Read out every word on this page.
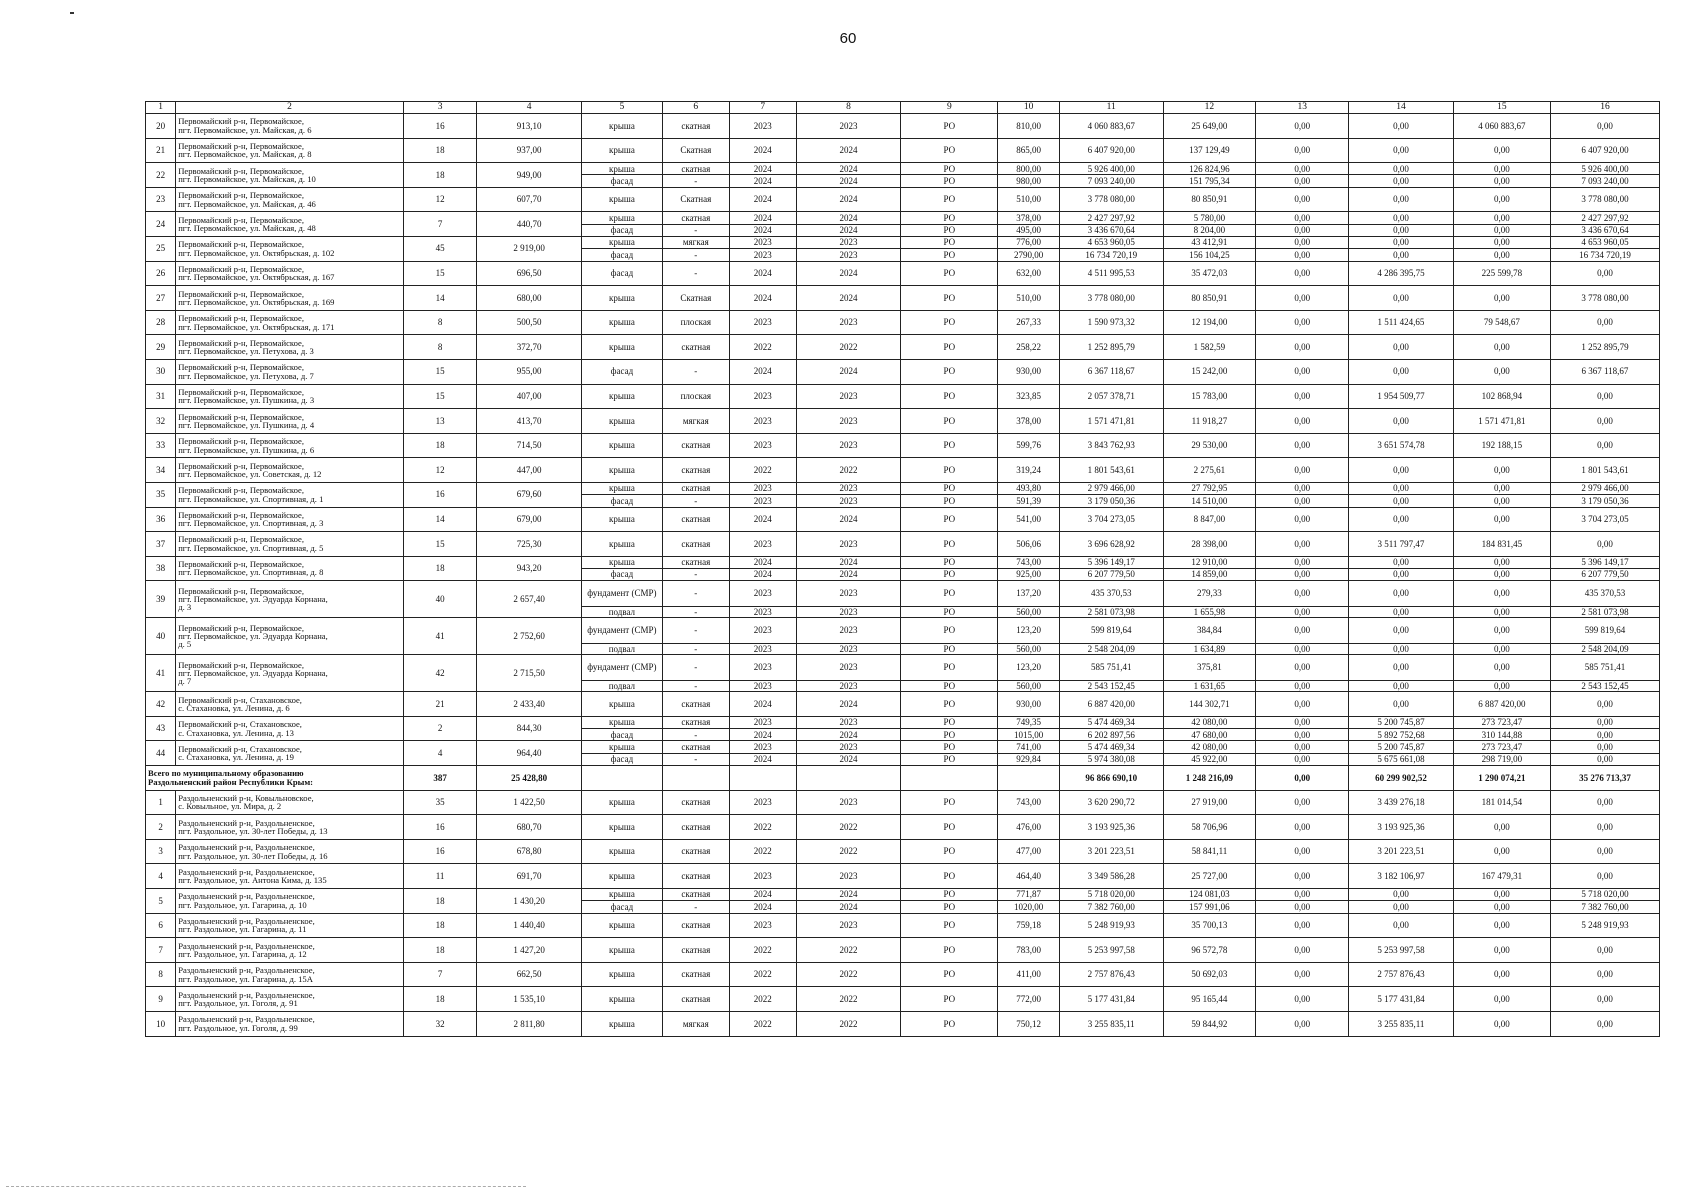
60
1	2	3	4	5	6	7	8	9	10	11	12	13	14	15	16
20	Первомайский р-н, Первомайское,
пгт. Первомайское, ул. Майская, д. 6	16	913,10	крыша	скатная	2023	2023	РО	810,00	4 060 883,67	25 649,00	0,00	0,00	4 060 883,67	0,00
21	Первомайский р-н, Первомайское,
пгт. Первомайское, ул. Майская, д. 8	18	937,00	крыша	Скатная	2024	2024	РО	865,00	6 407 920,00	137 129,49	0,00	0,00	0,00	6 407 920,00
22	Первомайский р-н, Первомайское,
пгт. Первомайское, ул. Майская, д. 10	18	949,00	крыша	скатная	2024	2024	РО	800,00	5 926 400,00	126 824,96	0,00	0,00	0,00	5 926 400,00
				фасад	-	2024	2024	РО	980,00	7 093 240,00	151 795,34	0,00	0,00	0,00	7 093 240,00
23	Первомайский р-н, Первомайское,
пгт. Первомайское, ул. Майская, д. 46	12	607,70	крыша	Скатная	2024	2024	РО	510,00	3 778 080,00	80 850,91	0,00	0,00	0,00	3 778 080,00
24	Первомайский р-н, Первомайское,
пгт. Первомайское, ул. Майская, д. 48	7	440,70	крыша	скатная	2024	2024	РО	378,00	2 427 297,92	5 780,00	0,00	0,00	0,00	2 427 297,92
				фасад	-	2024	2024	РО	495,00	3 436 670,64	8 204,00	0,00	0,00	0,00	3 436 670,64
25	Первомайский р-н, Первомайское,
пгт. Первомайское, ул. Октябрьская, д. 102	45	2 919,00	крыша	мягкая	2023	2023	РО	776,00	4 653 960,05	43 412,91	0,00	0,00	0,00	4 653 960,05
				фасад	-	2023	2023	РО	2790,00	16 734 720,19	156 104,25	0,00	0,00	0,00	16 734 720,19
26	Первомайский р-н, Первомайское,
пгт. Первомайское, ул. Октябрьская, д. 167	15	696,50	фасад	-	2024	2024	РО	632,00	4 511 995,53	35 472,03	0,00	4 286 395,75	225 599,78	0,00
27	Первомайский р-н, Первомайское,
пгт. Первомайское, ул. Октябрьская, д. 169	14	680,00	крыша	Скатная	2024	2024	РО	510,00	3 778 080,00	80 850,91	0,00	0,00	0,00	3 778 080,00
28	Первомайский р-н, Первомайское,
пгт. Первомайское, ул. Октябрьская, д. 171	8	500,50	крыша	плоская	2023	2023	РО	267,33	1 590 973,32	12 194,00	0,00	1 511 424,65	79 548,67	0,00
29	Первомайский р-н, Первомайское,
пгт. Первомайское, ул. Петухова, д. 3	8	372,70	крыша	скатная	2022	2022	РО	258,22	1 252 895,79	1 582,59	0,00	0,00	0,00	1 252 895,79
30	Первомайский р-н, Первомайское,
пгт. Первомайское, ул. Петухова, д. 7	15	955,00	фасад	-	2024	2024	РО	930,00	6 367 118,67	15 242,00	0,00	0,00	0,00	6 367 118,67
31	Первомайский р-н, Первомайское,
пгт. Первомайское, ул. Пушкина, д. 3	15	407,00	крыша	плоская	2023	2023	РО	323,85	2 057 378,71	15 783,00	0,00	1 954 509,77	102 868,94	0,00
32	Первомайский р-н, Первомайское,
пгт. Первомайское, ул. Пушкина, д. 4	13	413,70	крыша	мягкая	2023	2023	РО	378,00	1 571 471,81	11 918,27	0,00	0,00	1 571 471,81	0,00
33	Первомайский р-н, Первомайское,
пгт. Первомайское, ул. Пушкина, д. 6	18	714,50	крыша	скатная	2023	2023	РО	599,76	3 843 762,93	29 530,00	0,00	3 651 574,78	192 188,15	0,00
34	Первомайский р-н, Первомайское,
пгт. Первомайское, ул. Советская, д. 12	12	447,00	крыша	скатная	2022	2022	РО	319,24	1 801 543,61	2 275,61	0,00	0,00	0,00	1 801 543,61
35	Первомайский р-н, Первомайское,
пгт. Первомайское, ул. Спортивная, д. 1	16	679,60	крыша	скатная	2023	2023	РО	493,80	2 979 466,00	27 792,95	0,00	0,00	0,00	2 979 466,00
				фасад	-	2023	2023	РО	591,39	3 179 050,36	14 510,00	0,00	0,00	0,00	3 179 050,36
36	Первомайский р-н, Первомайское,
пгт. Первомайское, ул. Спортивная, д. 3	14	679,00	крыша	скатная	2024	2024	РО	541,00	3 704 273,05	8 847,00	0,00	0,00	0,00	3 704 273,05
37	Первомайский р-н, Первомайское,
пгт. Первомайское, ул. Спортивная, д. 5	15	725,30	крыша	скатная	2023	2023	РО	506,06	3 696 628,92	28 398,00	0,00	3 511 797,47	184 831,45	0,00
38	Первомайский р-н, Первомайское,
пгт. Первомайское, ул. Спортивная, д. 8	18	943,20	крыша	скатная	2024	2024	РО	743,00	5 396 149,17	12 910,00	0,00	0,00	0,00	5 396 149,17
				фасад	-	2024	2024	РО	925,00	6 207 779,50	14 859,00	0,00	0,00	0,00	6 207 779,50
39	Первомайский р-н, Первомайское,
пгт. Первомайское, ул. Эдуарда Корнана,
д. 3	40	2 657,40	фундамент (СМР)	-	2023	2023	РО	137,20	435 370,53	279,33	0,00	0,00	0,00	435 370,53
				подвал	-	2023	2023	РО	560,00	2 581 073,98	1 655,98	0,00	0,00	0,00	2 581 073,98
40	Первомайский р-н, Первомайское,
пгт. Первомайское, ул. Эдуарда Корнана,
д. 5	41	2 752,60	фундамент (СМР)	-	2023	2023	РО	123,20	599 819,64	384,84	0,00	0,00	0,00	599 819,64
				подвал	-	2023	2023	РО	560,00	2 548 204,09	1 634,89	0,00	0,00	0,00	2 548 204,09
41	Первомайский р-н, Первомайское,
пгт. Первомайское, ул. Эдуарда Корнана,
д. 7	42	2 715,50	фундамент (СМР)	-	2023	2023	РО	123,20	585 751,41	375,81	0,00	0,00	0,00	585 751,41
				подвал	-	2023	2023	РО	560,00	2 543 152,45	1 631,65	0,00	0,00	0,00	2 543 152,45
42	Первомайский р-н, Стахановское,
с. Стахановка, ул. Ленина, д. 6	21	2 433,40	крыша	скатная	2024	2024	РО	930,00	6 887 420,00	144 302,71	0,00	0,00	6 887 420,00	0,00
43	Первомайский р-н, Стахановское,
с. Стахановка, ул. Ленина, д. 13	2	844,30	крыша	скатная	2023	2023	РО	749,35	5 474 469,34	42 080,00	0,00	5 200 745,87	273 723,47	0,00
				фасад	-	2024	2024	РО	1015,00	6 202 897,56	47 680,00	0,00	5 892 752,68	310 144,88	0,00
44	Первомайский р-н, Стахановское,
с. Стахановка, ул. Ленина, д. 19	4	964,40	крыша	скатная	2023	2023	РО	741,00	5 474 469,34	42 080,00	0,00	5 200 745,87	273 723,47	0,00
				фасад	-	2024	2024	РО	929,84	5 974 380,08	45 922,00	0,00	5 675 661,08	298 719,00	0,00

Всего по муниципальному образованию
Раздольненский район Республики Крым:		387	25 428,80							96 866 690,10	1 248 216,09	0,00	60 299 902,52	1 290 074,21	35 276 713,37
1	Раздольненский р-н, Ковыльновское,
с. Ковыльное, ул. Мира, д. 2	35	1 422,50	крыша	скатная	2023	2023	РО	743,00	3 620 290,72	27 919,00	0,00	3 439 276,18	181 014,54	0,00
2	Раздольненский р-н, Раздольненское,
пгт. Раздольное, ул. 30-лет Победы, д. 13	16	680,70	крыша	скатная	2022	2022	РО	476,00	3 193 925,36	58 706,96	0,00	3 193 925,36	0,00	0,00
3	Раздольненский р-н, Раздольненское,
пгт. Раздольное, ул. 30-лет Победы, д. 16	16	678,80	крыша	скатная	2022	2022	РО	477,00	3 201 223,51	58 841,11	0,00	3 201 223,51	0,00	0,00
4	Раздольненский р-н, Раздольненское,
пгт. Раздольное, ул. Антона Кима, д. 135	11	691,70	крыша	скатная	2023	2023	РО	464,40	3 349 586,28	25 727,00	0,00	3 182 106,97	167 479,31	0,00
5	Раздольненский р-н, Раздольненское,
пгт. Раздольное, ул. Гагарина, д. 10	18	1 430,20	крыша	скатная	2024	2024	РО	771,87	5 718 020,00	124 081,03	0,00	0,00	0,00	5 718 020,00
				фасад	-	2024	2024	РО	1020,00	7 382 760,00	157 991,06	0,00	0,00	0,00	7 382 760,00
6	Раздольненский р-н, Раздольненское,
пгт. Раздольное, ул. Гагарина, д. 11	18	1 440,40	крыша	скатная	2023	2023	РО	759,18	5 248 919,93	35 700,13	0,00	0,00	0,00	5 248 919,93
7	Раздольненский р-н, Раздольненское,
пгт. Раздольное, ул. Гагарина, д. 12	18	1 427,20	крыша	скатная	2022	2022	РО	783,00	5 253 997,58	96 572,78	0,00	5 253 997,58	0,00	0,00
8	Раздольненский р-н, Раздольненское,
пгт. Раздольное, ул. Гагарина, д. 15А	7	662,50	крыша	скатная	2022	2022	РО	411,00	2 757 876,43	50 692,03	0,00	2 757 876,43	0,00	0,00
9	Раздольненский р-н, Раздольненское,
пгт. Раздольное, ул. Гоголя, д. 91	18	1 535,10	крыша	скатная	2022	2022	РО	772,00	5 177 431,84	95 165,44	0,00	5 177 431,84	0,00	0,00
10	Раздольненский р-н, Раздольненское,
пгт. Раздольное, ул. Гоголя, д. 99	32	2 811,80	крыша	мягкая	2022	2022	РО	750,12	3 255 835,11	59 844,92	0,00	3 255 835,11	0,00	0,00
